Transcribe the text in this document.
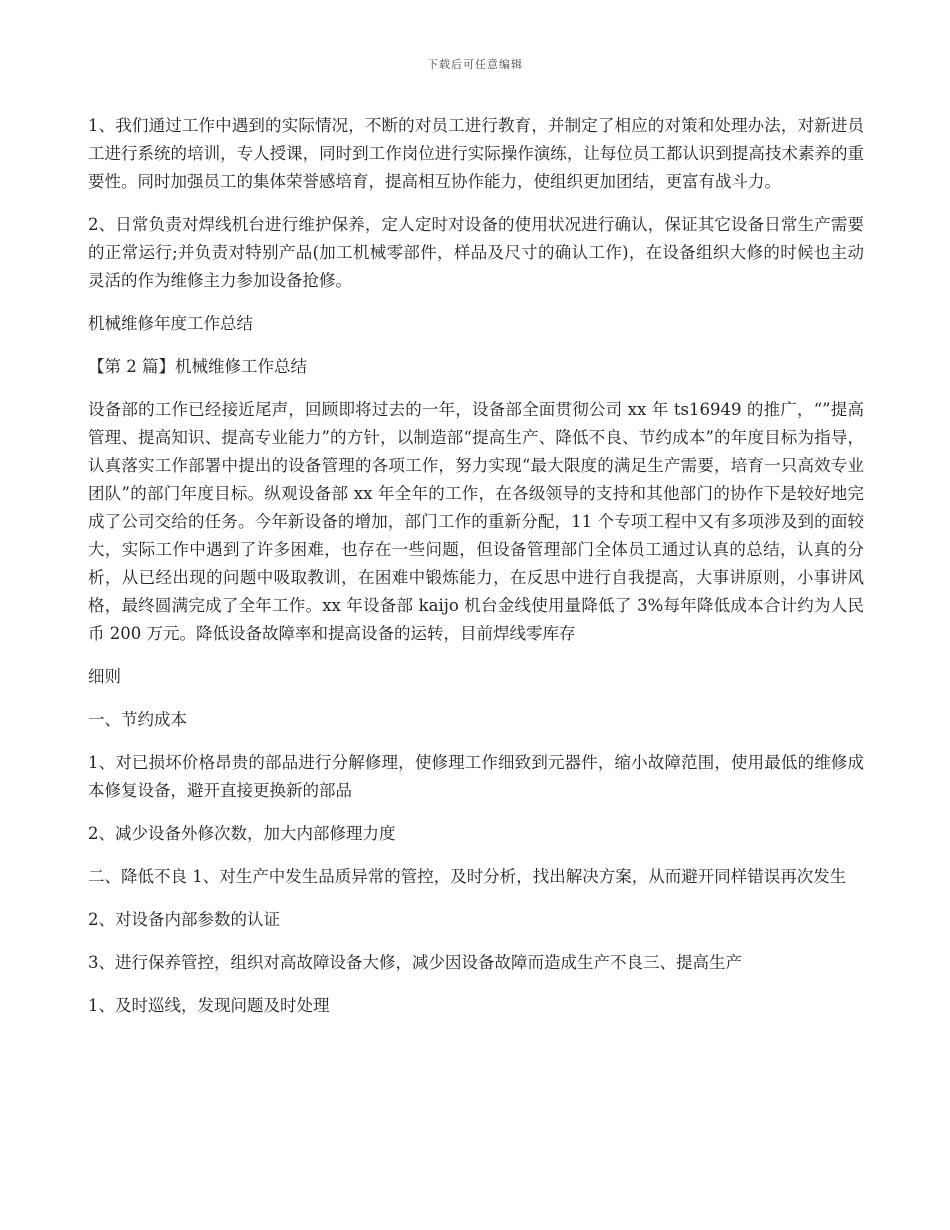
下载后可任意编辑

1、我们通过工作中遇到的实际情况，不断的对员工进行教育，并制定了相应的对策和处理办法，对新进员工进行系统的培训，专人授课，同时到工作岗位进行实际操作演练，让每位员工都认识到提高技术素养的重要性。同时加强员工的集体荣誉感培育，提高相互协作能力，使组织更加团结，更富有战斗力。

2、日常负责对焊线机台进行维护保养，定人定时对设备的使用状况进行确认，保证其它设备日常生产需要的正常运行;并负责对特别产品(加工机械零部件，样品及尺寸的确认工作)，在设备组织大修的时候也主动灵活的作为维修主力参加设备抢修。

机械维修年度工作总结

【第 2 篇】机械维修工作总结

设备部的工作已经接近尾声，回顾即将过去的一年，设备部全面贯彻公司 xx 年 ts16949 的推广，“”提高管理、提高知识、提高专业能力”的方针，以制造部“提高生产、降低不良、节约成本”的年度目标为指导，认真落实工作部署中提出的设备管理的各项工作，努力实现“最大限度的满足生产需要，培育一只高效专业团队”的部门年度目标。纵观设备部 xx 年全年的工作，在各级领导的支持和其他部门的协作下是较好地完成了公司交给的任务。今年新设备的增加，部门工作的重新分配，11 个专项工程中又有多项涉及到的面较大，实际工作中遇到了许多困难，也存在一些问题，但设备管理部门全体员工通过认真的总结，认真的分析，从已经出现的问题中吸取教训，在困难中锻炼能力，在反思中进行自我提高，大事讲原则，小事讲风格，最终圆满完成了全年工作。xx 年设备部 kaijo 机台金线使用量降低了 3%每年降低成本合计约为人民币 200 万元。降低设备故障率和提高设备的运转，目前焊线零库存

细则

一、节约成本

1、对已损坏价格昂贵的部品进行分解修理，使修理工作细致到元器件，缩小故障范围，使用最低的维修成本修复设备，避开直接更换新的部品

2、减少设备外修次数，加大内部修理力度

二、降低不良 1、对生产中发生品质异常的管控，及时分析，找出解决方案，从而避开同样错误再次发生

2、对设备内部参数的认证

3、进行保养管控，组织对高故障设备大修，减少因设备故障而造成生产不良三、提高生产

1、及时巡线，发现问题及时处理
